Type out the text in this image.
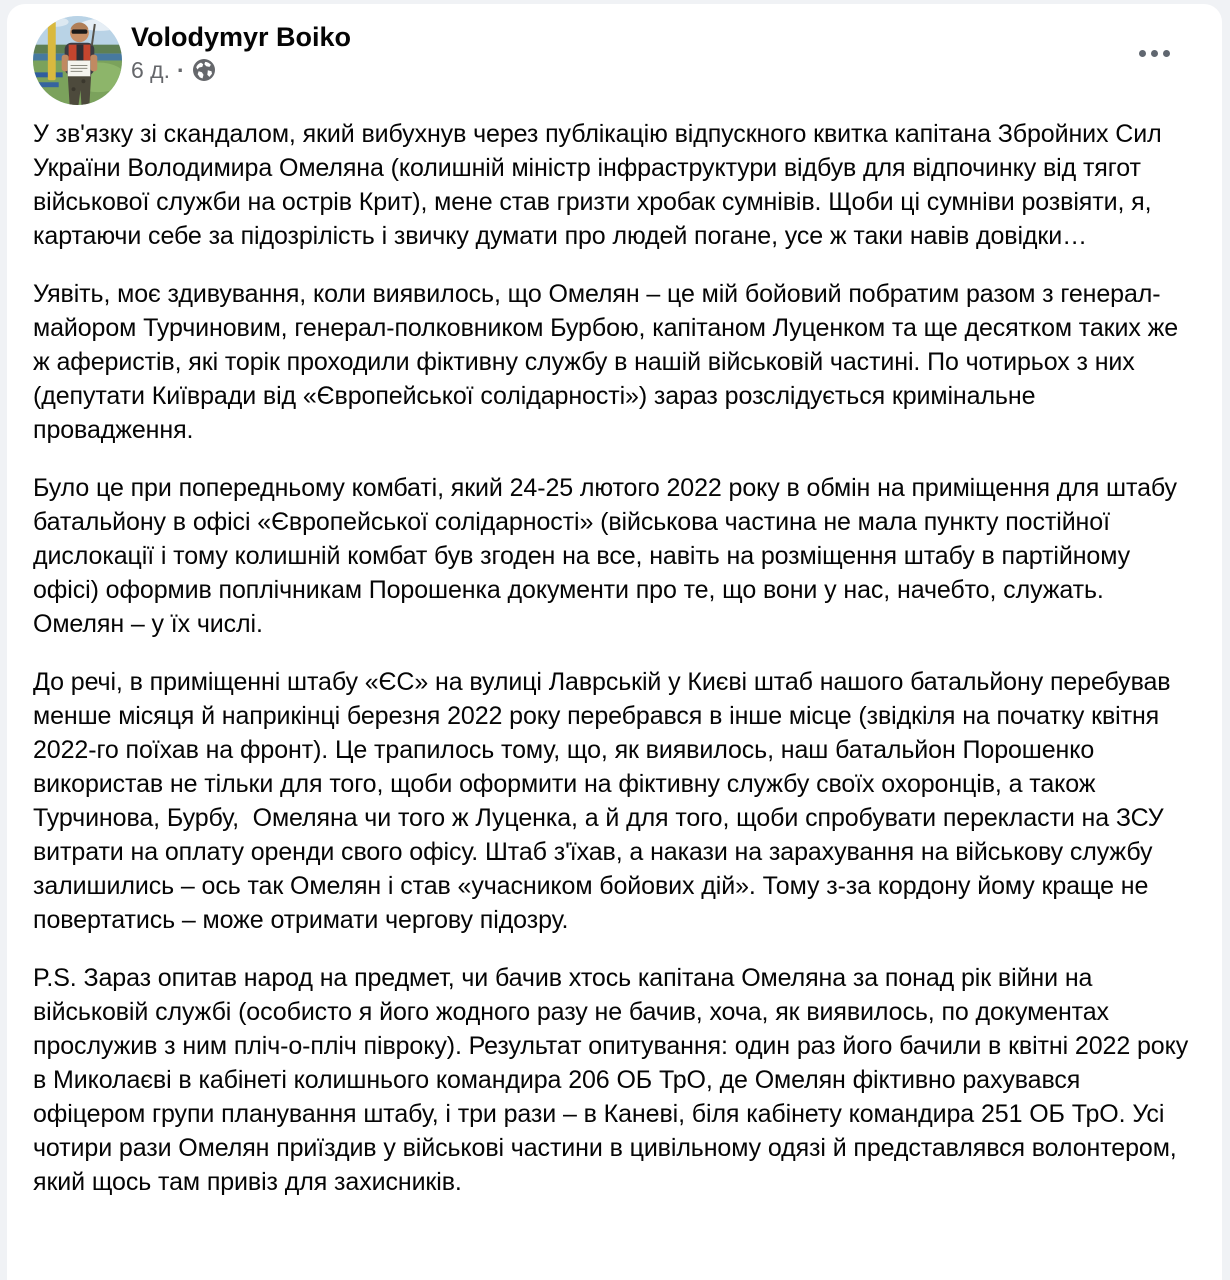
Volodymyr Boiko
6 д. ·

У зв'язку зі скандалом, який вибухнув через публікацію відпускного квитка капітана Збройних Сил України Володимира Омеляна (колишній міністр інфраструктури відбув для відпочинку від тягот військової служби на острів Крит), мене став гризти хробак сумнівів. Щоби ці сумніви розвіяти, я, картаючи себе за підозрілість і звичку думати про людей погане, усе ж таки навів довідки…

Уявіть, моє здивування, коли виявилось, що Омелян – це мій бойовий побратим разом з генерал-майором Турчиновим, генерал-полковником Бурбою, капітаном Луценком та ще десятком таких же ж аферистів, які торік проходили фіктивну службу в нашій військовій частині. По чотирьох з них (депутати Київради від «Європейської солідарності») зараз розслідується кримінальне провадження.

Було це при попередньому комбаті, який 24-25 лютого 2022 року в обмін на приміщення для штабу батальйону в офісі «Європейської солідарності» (військова частина не мала пункту постійної дислокації і тому колишній комбат був згоден на все, навіть на розміщення штабу в партійному офісі) оформив поплічникам Порошенка документи про те, що вони у нас, начебто, служать. Омелян – у їх числі.

До речі, в приміщенні штабу «ЄС» на вулиці Лаврській у Києві штаб нашого батальйону перебував менше місяця й наприкінці березня 2022 року перебрався в інше місце (звідкіля на початку квітня 2022-го поїхав на фронт). Це трапилось тому, що, як виявилось, наш батальйон Порошенко використав не тільки для того, щоби оформити на фіктивну службу своїх охоронців, а також Турчинова, Бурбу,  Омеляна чи того ж Луценка, а й для того, щоби спробувати перекласти на ЗСУ витрати на оплату оренди свого офісу. Штаб з'їхав, а накази на зарахування на військову службу залишились – ось так Омелян і став «учасником бойових дій». Тому з-за кордону йому краще не повертатись – може отримати чергову підозру.

P.S. Зараз опитав народ на предмет, чи бачив хтось капітана Омеляна за понад рік війни на військовій службі (особисто я його жодного разу не бачив, хоча, як виявилось, по документах прослужив з ним пліч-о-пліч півроку). Результат опитування: один раз його бачили в квітні 2022 року в Миколаєві в кабінеті колишнього командира 206 ОБ ТрО, де Омелян фіктивно рахувався офіцером групи планування штабу, і три рази – в Каневі, біля кабінету командира 251 ОБ ТрО. Усі чотири рази Омелян приїздив у військові частини в цивільному одязі й представлявся волонтером, який щось там привіз для захисників.
